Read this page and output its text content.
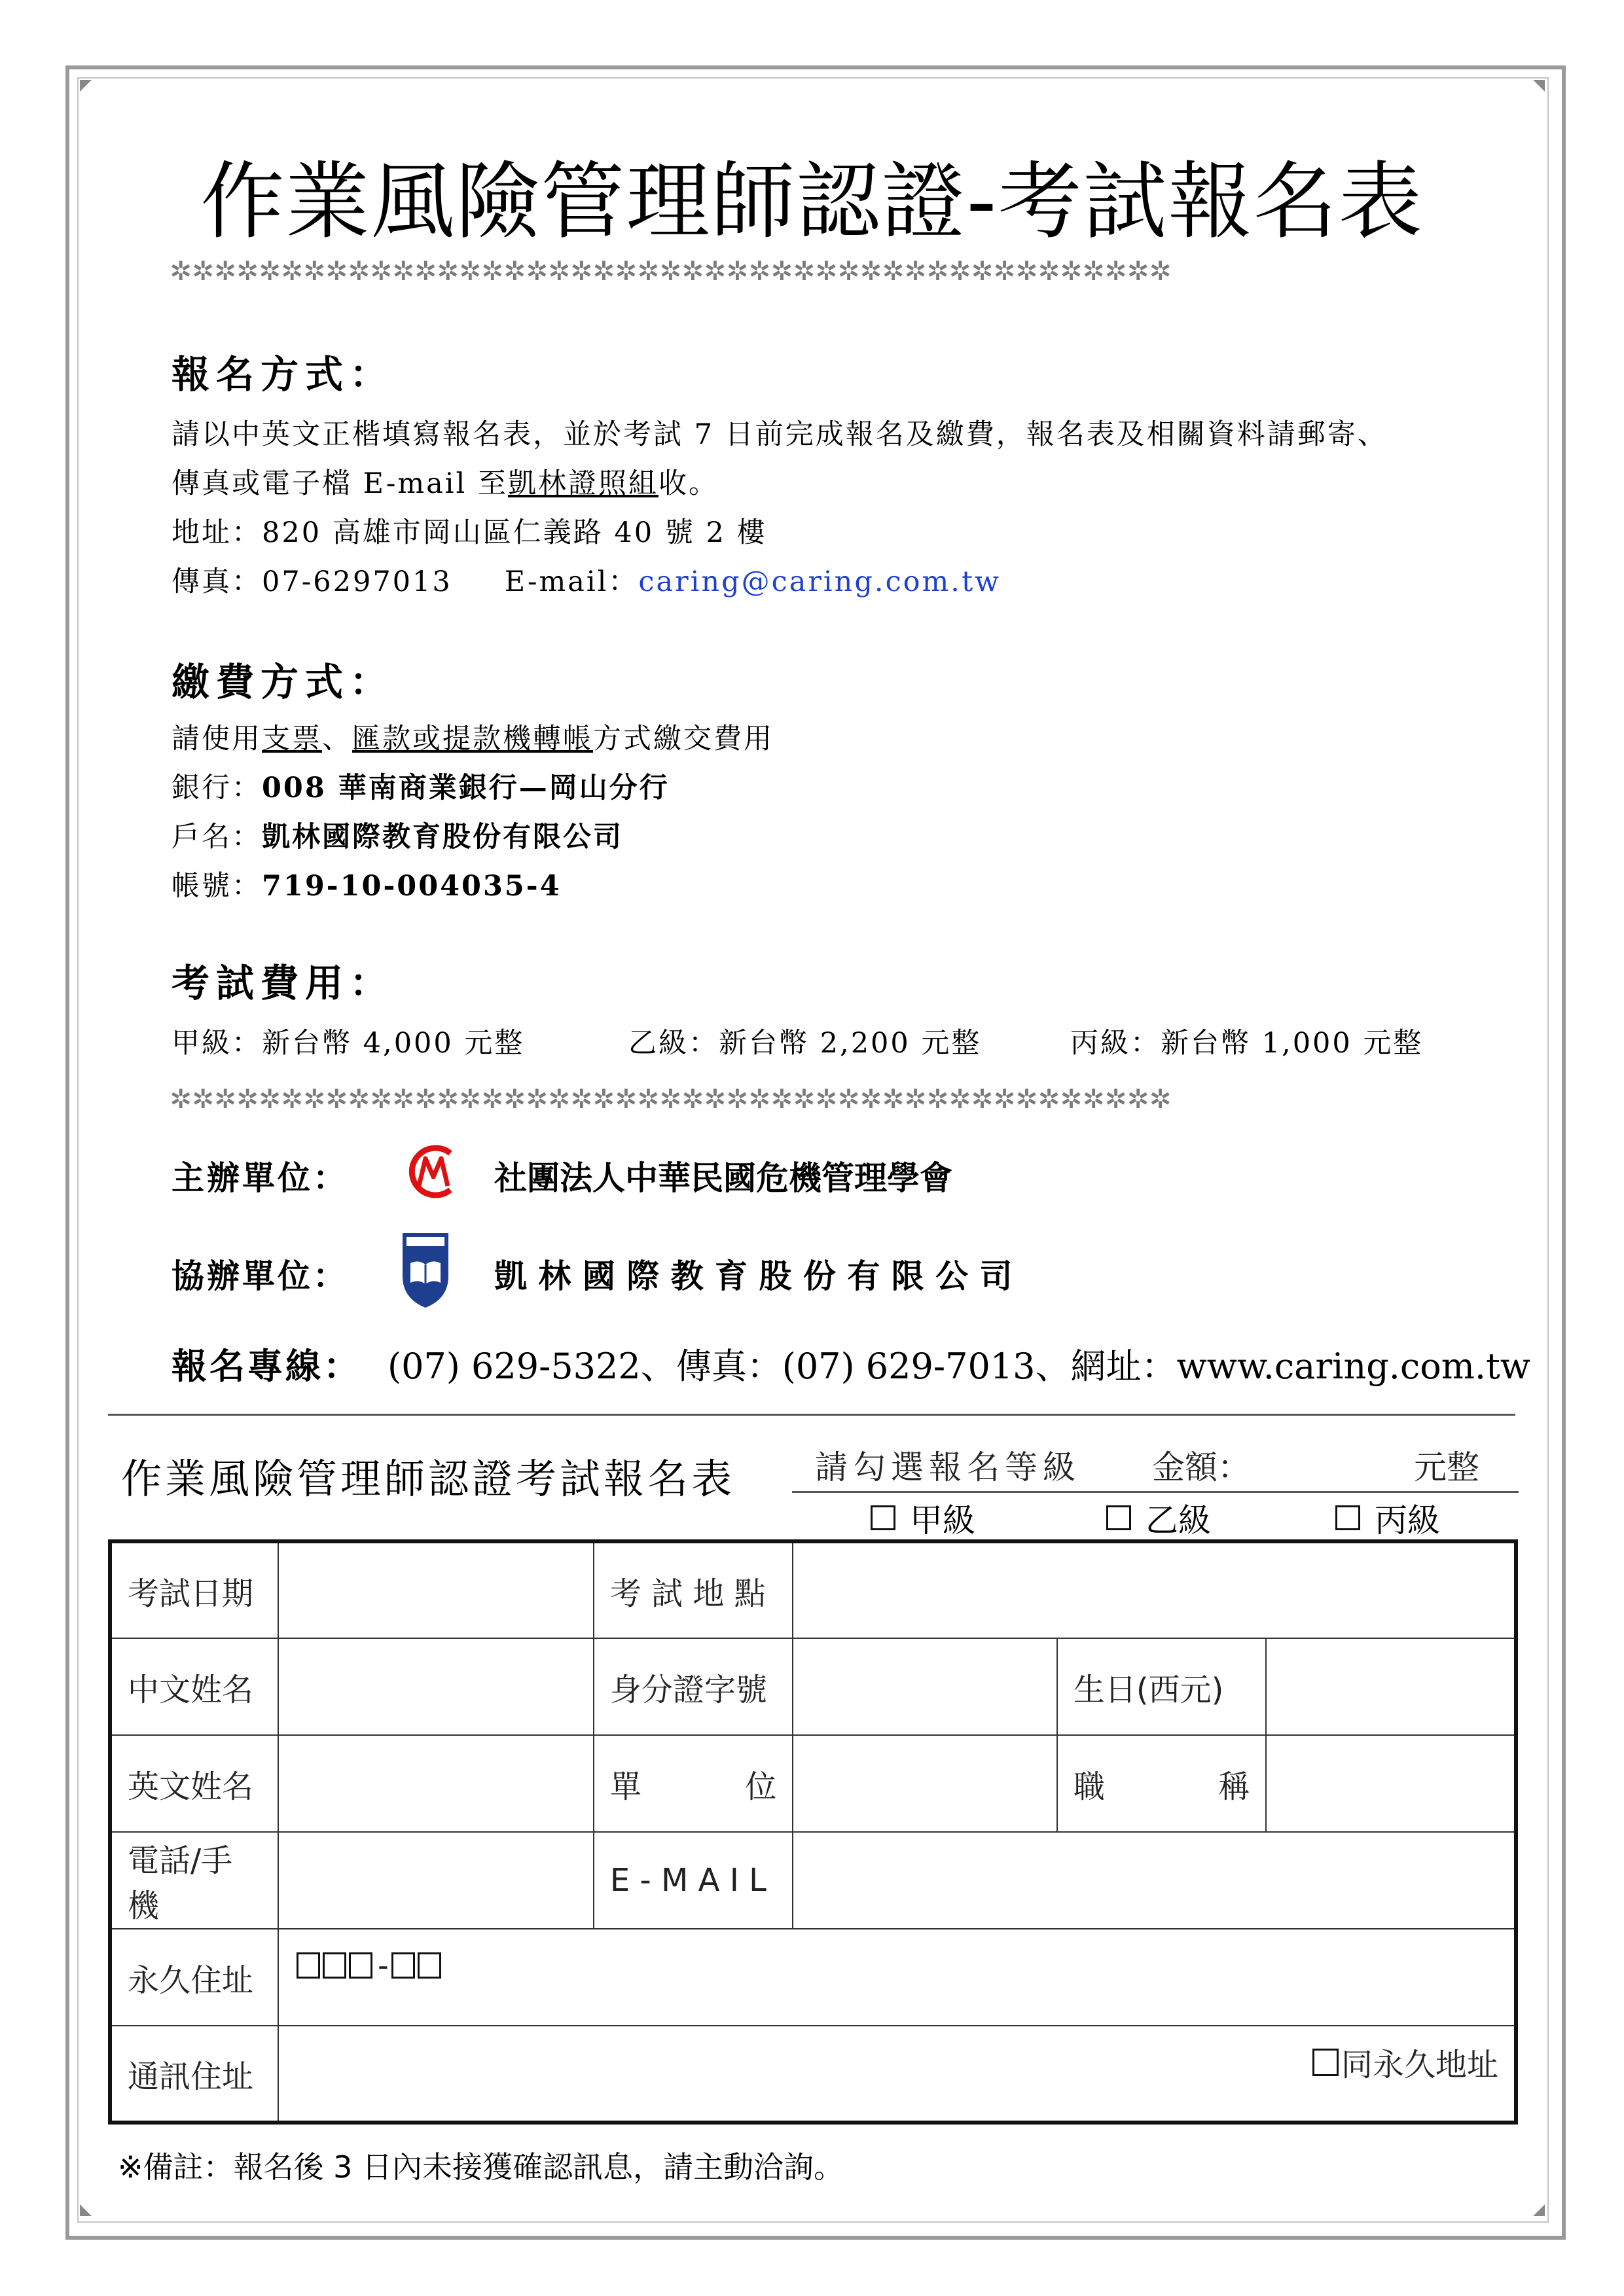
作業風險管理師認證-考試報名表
✲✲✲✲✲✲✲✲✲✲✲✲✲✲✲✲✲✲✲✲✲✲✲✲✲✲✲✲✲✲✲✲✲✲✲✲✲✲✲✲✲✲✲✲✲
報名方式：
請以中英文正楷填寫報名表，並於考試 7 日前完成報名及繳費，報名表及相關資料請郵寄、
傳真或電子檔 E-mail 至凱林證照組收。
地址：820 高雄市岡山區仁義路 40 號 2 樓
傳真：07-6297013 E-mail：caring@caring.com.tw
繳費方式：
請使用支票、匯款或提款機轉帳方式繳交費用
銀行：008 華南商業銀行—岡山分行
戶名：凱林國際教育股份有限公司
帳號：719-10-004035-4
考試費用：
甲級：新台幣 4,000 元整	乙級：新台幣 2,200 元整	丙級：新台幣 1,000 元整
✲✲✲✲✲✲✲✲✲✲✲✲✲✲✲✲✲✲✲✲✲✲✲✲✲✲✲✲✲✲✲✲✲✲✲✲✲✲✲✲✲✲✲✲✲
主辦單位：	社團法人中華民國危機管理學會
協辦單位：	凱 林 國 際 教 育 股 份 有 限 公 司
報名專線： (07) 629-5322、傳真：(07) 629-7013、網址：www.caring.com.tw
作業風險管理師認證考試報名表 請勾選報名等級 金額：	元整
甲級	乙級	丙級
考試日期		考 試 地 點			
中文姓名		身分證字號		生日(西元)	
英文姓名		單 位		職 稱	

電話/手機		E - M A I L			
永久住址	-				

通訊住址	同永久地址				
※備註：報名後 3 日內未接獲確認訊息，請主動洽詢。
